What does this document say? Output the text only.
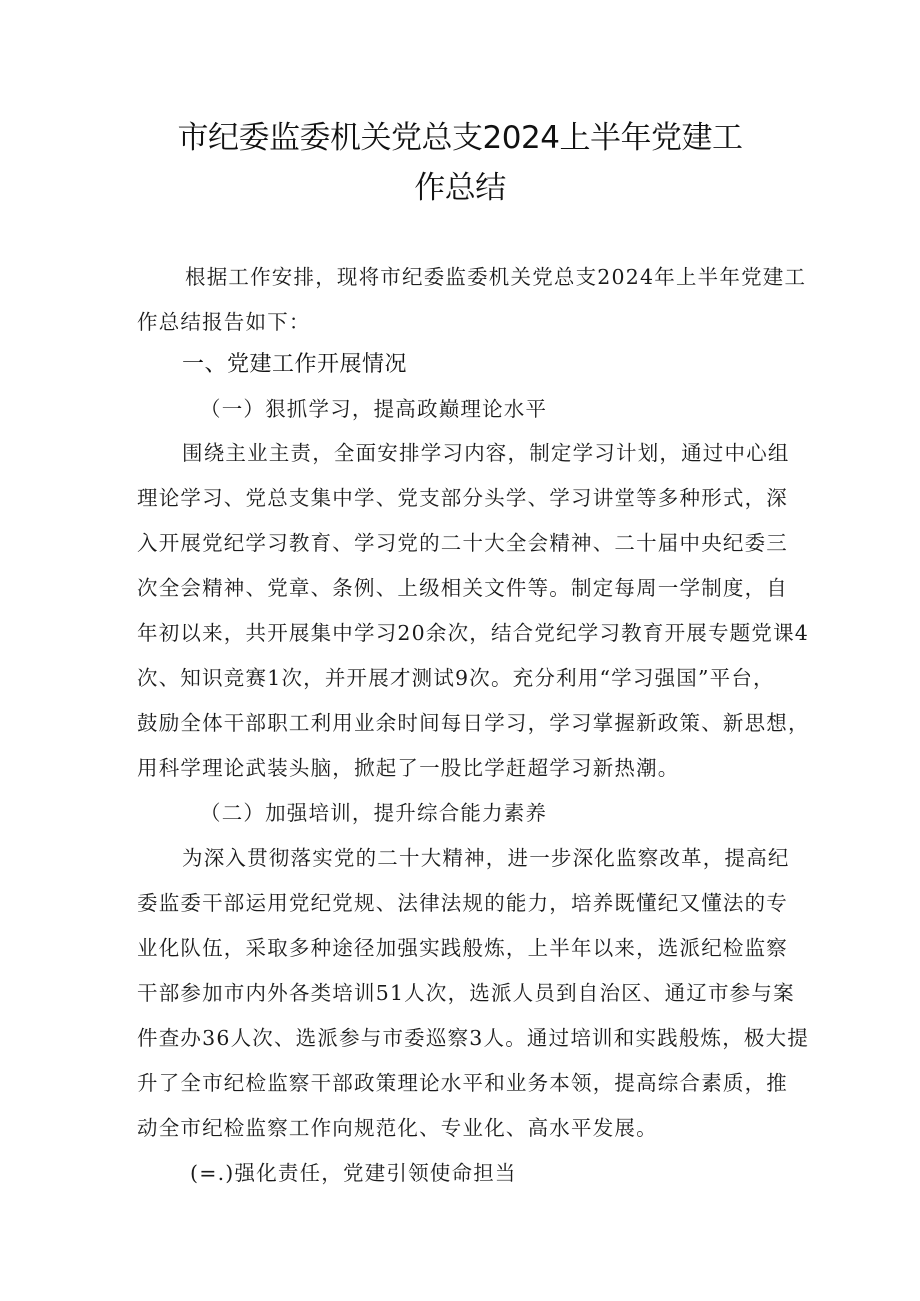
市纪委监委机关党总支2024上半年党建工
作总结
根据工作安排，现将市纪委监委机关党总支2024年上半年党建工
作总结报告如下：
一、党建工作开展情况
（一）狠抓学习，提高政巅理论水平
围绕主业主责，全面安排学习内容，制定学习计划，通过中心组
理论学习、党总支集中学、党支部分头学、学习讲堂等多种形式，深
入开展党纪学习教育、学习党的二十大全会精神、二十届中央纪委三
次全会精神、党章、条例、上级相关文件等。制定每周一学制度，自
年初以来，共开展集中学习20余次，结合党纪学习教育开展专题党课4
次、知识竞赛1次，并开展才测试9次。充分利用“学习强国”平台，
鼓励全体干部职工利用业余时间每日学习，学习掌握新政策、新思想，
用科学理论武装头脑，掀起了一股比学赶超学习新热潮。
（二）加强培训，提升综合能力素养
为深入贯彻落实党的二十大精神，进一步深化监察改革，提高纪
委监委干部运用党纪党规、法律法规的能力，培养既懂纪又懂法的专
业化队伍，采取多种途径加强实践般炼，上半年以来，选派纪检监察
干部参加市内外各类培训51人次，选派人员到自治区、通辽市参与案
件查办36人次、选派参与市委巡察3人。通过培训和实践般炼，极大提
升了全市纪检监察干部政策理论水平和业务本领，提高综合素质，推
动全市纪检监察工作向规范化、专业化、高水平发展。
(=.)强化责任，党建引领使命担当
